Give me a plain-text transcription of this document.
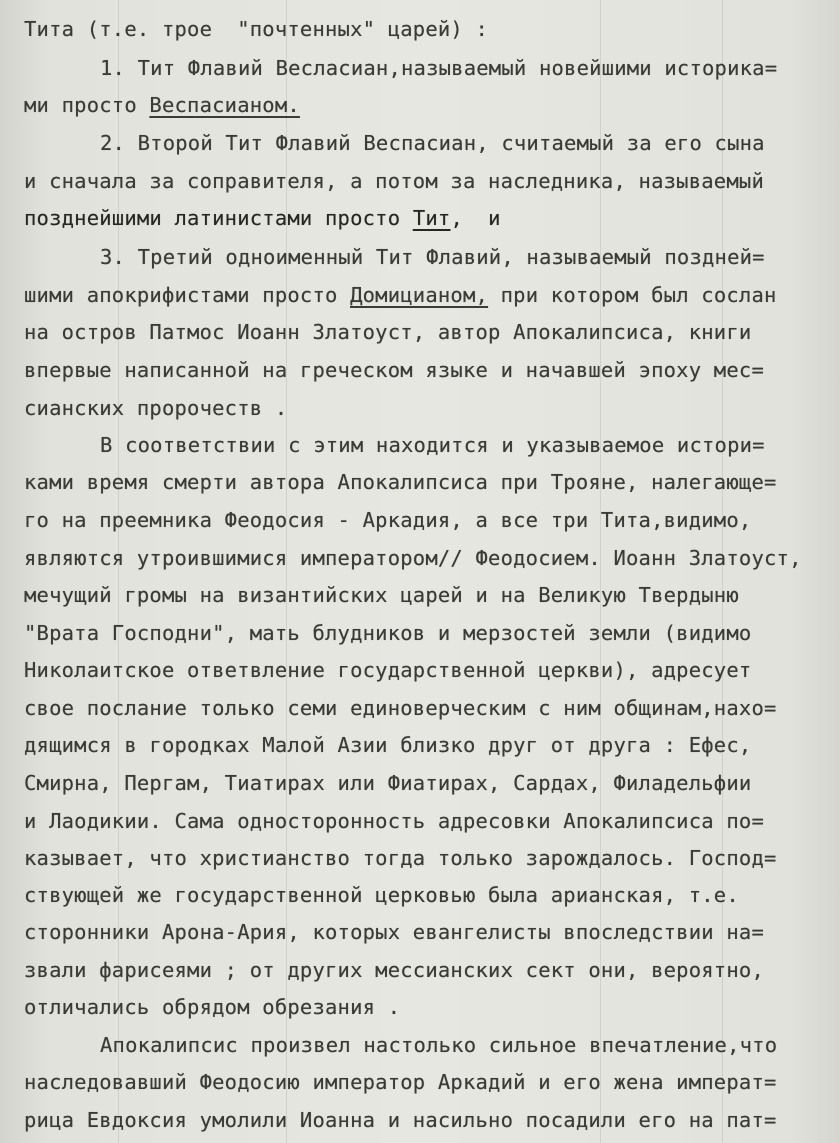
Тита (т.е. трое  "почтенных" царей) :
1. Тит Флавий Весласиан,называемый новейшими историка=
ми просто Веспасианом.
2. Второй Тит Флавий Веспасиан, считаемый за его сына
и сначала за соправителя, а потом за наследника, называемый
позднейшими латинистами просто Тит,  и
3. Третий одноименный Тит Флавий, называемый поздней=
шими апокрифистами просто Домицианом, при котором был сослан
на остров Патмос Иоанн Златоуст, автор Апокалипсиса, книги
впервые написанной на греческом языке и начавшей эпоху мес=
сианских пророчеств .
В соответствии с этим находится и указываемое истори=
ками время смерти автора Апокалипсиса при Трояне, налегающе=
го на преемника Феодосия - Аркадия, а все три Тита,видимо,
являются утроившимися императором// Феодосием. Иоанн Златоуст,
мечущий громы на византийских царей и на Великую Твердыню
"Врата Господни", мать блудников и мерзостей земли (видимо
Николаитское ответвление государственной церкви), адресует
свое послание только семи единоверческим с ним общинам,нахо=
дящимся в городках Малой Азии близко друг от друга : Ефес,
Смирна, Пергам, Тиатирах или Фиатирах, Сардах, Филадельфии
и Лаодикии. Сама односторонность адресовки Апокалипсиса по=
казывает, что христианство тогда только зарождалось. Господ=
ствующей же государственной церковью была арианская, т.е.
сторонники Арона-Ария, которых евангелисты впоследствии на=
звали фарисеями ; от других мессианских сект они, вероятно,
отличались обрядом обрезания .
Апокалипсис произвел настолько сильное впечатление,что
наследовавший Феодосию император Аркадий и его жена императ=
рица Евдоксия умолили Иоанна и насильно посадили его на пат=
